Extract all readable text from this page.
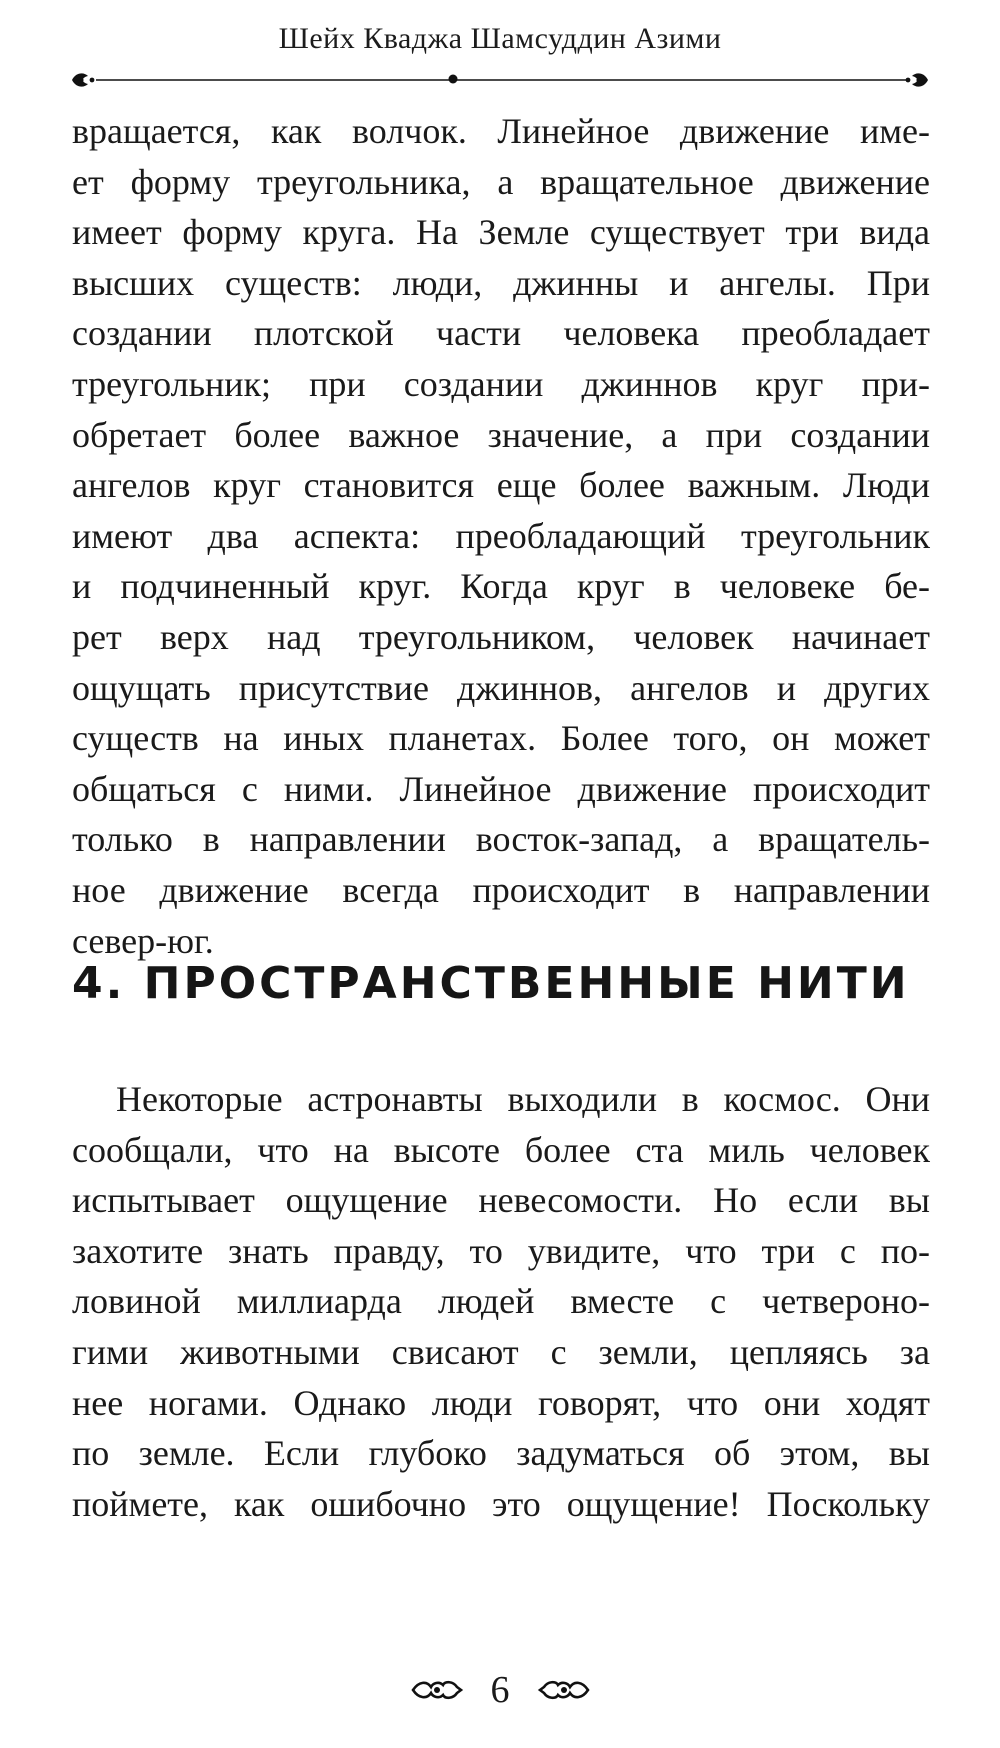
Шейх Кваджа Шамсуддин Азими
вращается, как волчок. Линейное движение име-
ет форму треугольника, а вращательное движение
имеет форму круга. На Земле существует три вида
высших существ: люди, джинны и ангелы. При
создании плотской части человека преобладает
треугольник; при создании джиннов круг при-
обретает более важное значение, а при создании
ангелов круг становится еще более важным. Люди
имеют два аспекта: преобладающий треугольник
и подчиненный круг. Когда круг в человеке бе-
рет верх над треугольником, человек начинает
ощущать присутствие джиннов, ангелов и других
существ на иных планетах. Более того, он может
общаться с ними. Линейное движение происходит
только в направлении восток-запад, а вращатель-
ное движение всегда происходит в направлении
север-юг.
4. ПРОСТРАНСТВЕННЫЕ НИТИ
Некоторые астронавты выходили в космос. Они
сообщали, что на высоте более ста миль человек
испытывает ощущение невесомости. Но если вы
захотите знать правду, то увидите, что три с по-
ловиной миллиарда людей вместе с четвероно-
гими животными свисают с земли, цепляясь за
нее ногами. Однако люди говорят, что они ходят
по земле. Если глубоко задуматься об этом, вы
поймете, как ошибочно это ощущение! Поскольку
6
